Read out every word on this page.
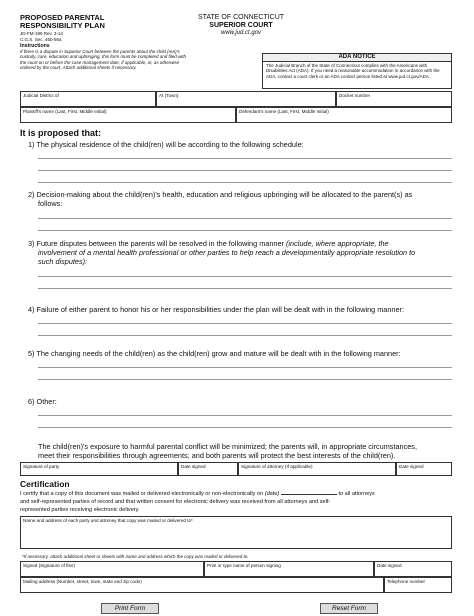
PROPOSED PARENTAL
RESPONSIBILITY PLAN
JD-FM-199 Rev. 3-14
C.G.S. Sec. 46b-56a
Instructions
If there is a dispute in Superior Court between the parents about the child (ren)'s custody, care, education and upbringing, this form must be completed and filed with the court on or before the case management date, if applicable, or, as otherwise ordered by the court. Attach additional sheets if necessary.
STATE OF CONNECTICUT
SUPERIOR COURT
www.jud.ct.gov
ADA NOTICE
The Judicial Branch of the State of Connecticut complies with the Americans with Disabilities Act (ADA). If you need a reasonable accommodation in accordance with the ADA, contact a court clerk or an ADA contact person listed at www.jud.ct.gov/ADA.
Judicial District of	At (Town)	Docket number
Plaintiff's name (Last, First, Middle Initial)	Defendant's name (Last, First, Middle Initial)
It is proposed that:
1) The physical residence of the child(ren) will be according to the following schedule:
2) Decision-making about the child(ren)'s health, education and religious upbringing will be allocated to the parent(s) as
follows:
3) Future disputes between the parents will be resolved in the following manner (include, where appropriate, the
involvement of a mental health professional or other parties to help reach a developmentally appropriate resolution to
such disputes):
4) Failure of either parent to honor his or her responsibilities under the plan will be dealt with in the following manner:
5) The changing needs of the child(ren) as the child(ren) grow and mature will be dealt with in the following manner:
6) Other:
The child(ren)'s exposure to harmful parental conflict will be minimized; the parents will, in appropriate circumstances,
meet their responsibilities through agreements; and both parents will protect the best interests of the child(ren).
Signature of party	Date signed	Signature of attorney (If applicable)	Date signed
Certification
I certify that a copy of this document was mailed or delivered electronically or non-electronically on (date)	to all attorneys
and self-represented parties of record and that written consent for electronic delivery was received from all attorneys and self-
represented parties receiving electronic delivery.
Name and address of each party and attorney that copy was mailed or delivered to*
*If necessary, attach additional sheet or sheets with name and address which the copy was mailed or delivered to.
Signed (Signature of filer)	Print or type name of person signing	Date signed
Mailing address (Number, street, town, state and zip code)	Telephone number
Print Form	Reset Form
